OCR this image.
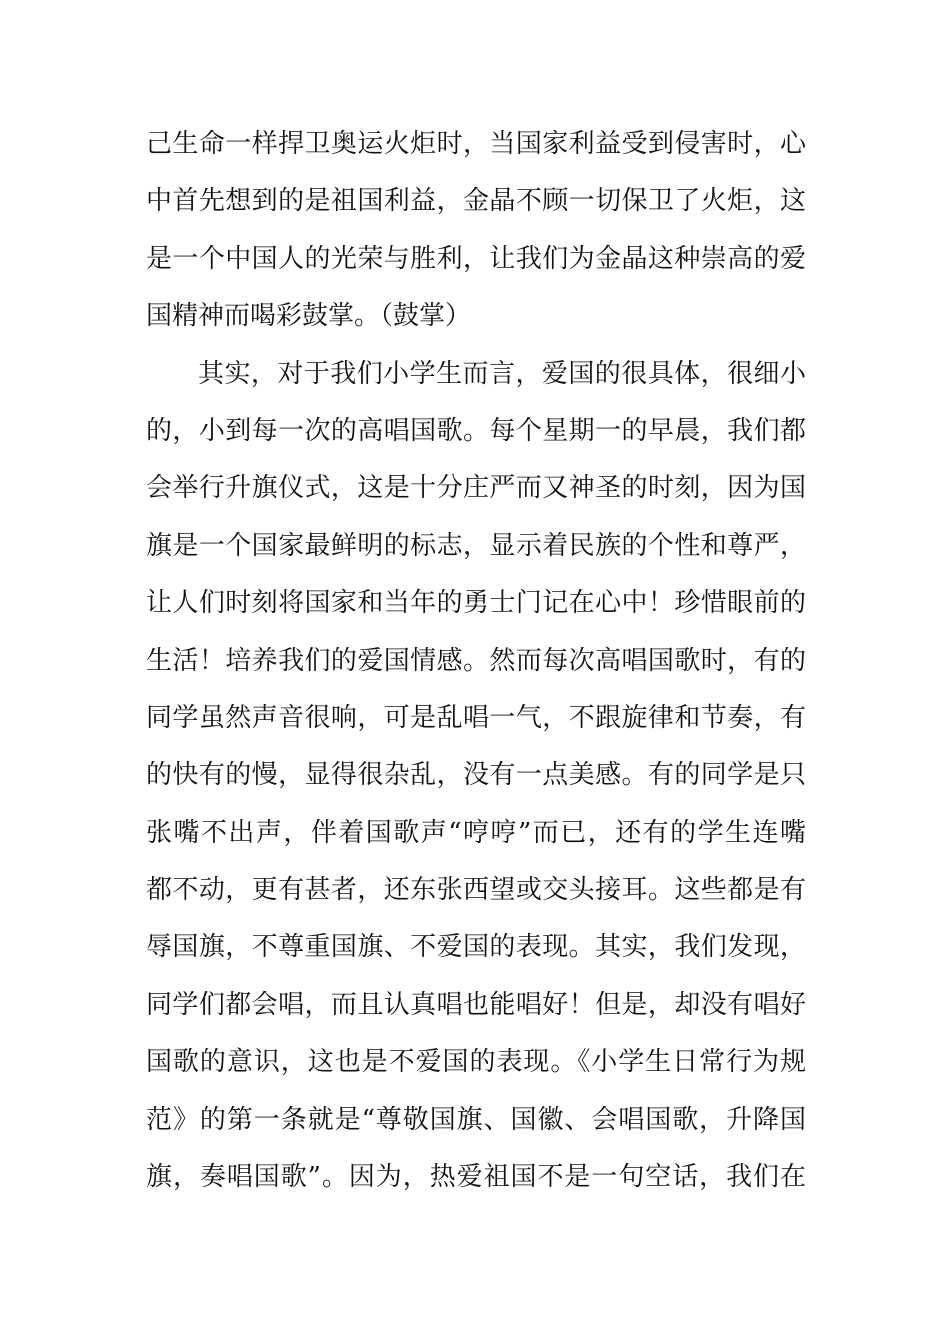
己生命一样捍卫奥运火炬时，当国家利益受到侵害时，心
中首先想到的是祖国利益，金晶不顾一切保卫了火炬，这
是一个中国人的光荣与胜利，让我们为金晶这种崇高的爱
国精神而喝彩鼓掌。（鼓掌）
其实，对于我们小学生而言，爱国的很具体，很细小
的，小到每一次的高唱国歌。每个星期一的早晨，我们都
会举行升旗仪式，这是十分庄严而又神圣的时刻，因为国
旗是一个国家最鲜明的标志，显示着民族的个性和尊严，
让人们时刻将国家和当年的勇士门记在心中！珍惜眼前的
生活！培养我们的爱国情感。然而每次高唱国歌时，有的
同学虽然声音很响，可是乱唱一气，不跟旋律和节奏，有
的快有的慢，显得很杂乱，没有一点美感。有的同学是只
张嘴不出声，伴着国歌声“哼哼”而已，还有的学生连嘴
都不动，更有甚者，还东张西望或交头接耳。这些都是有
辱国旗，不尊重国旗、不爱国的表现。其实，我们发现，
同学们都会唱，而且认真唱也能唱好！但是，却没有唱好
国歌的意识，这也是不爱国的表现。《小学生日常行为规
范》的第一条就是“尊敬国旗、国徽、会唱国歌，升降国
旗，奏唱国歌”。因为，热爱祖国不是一句空话，我们在
